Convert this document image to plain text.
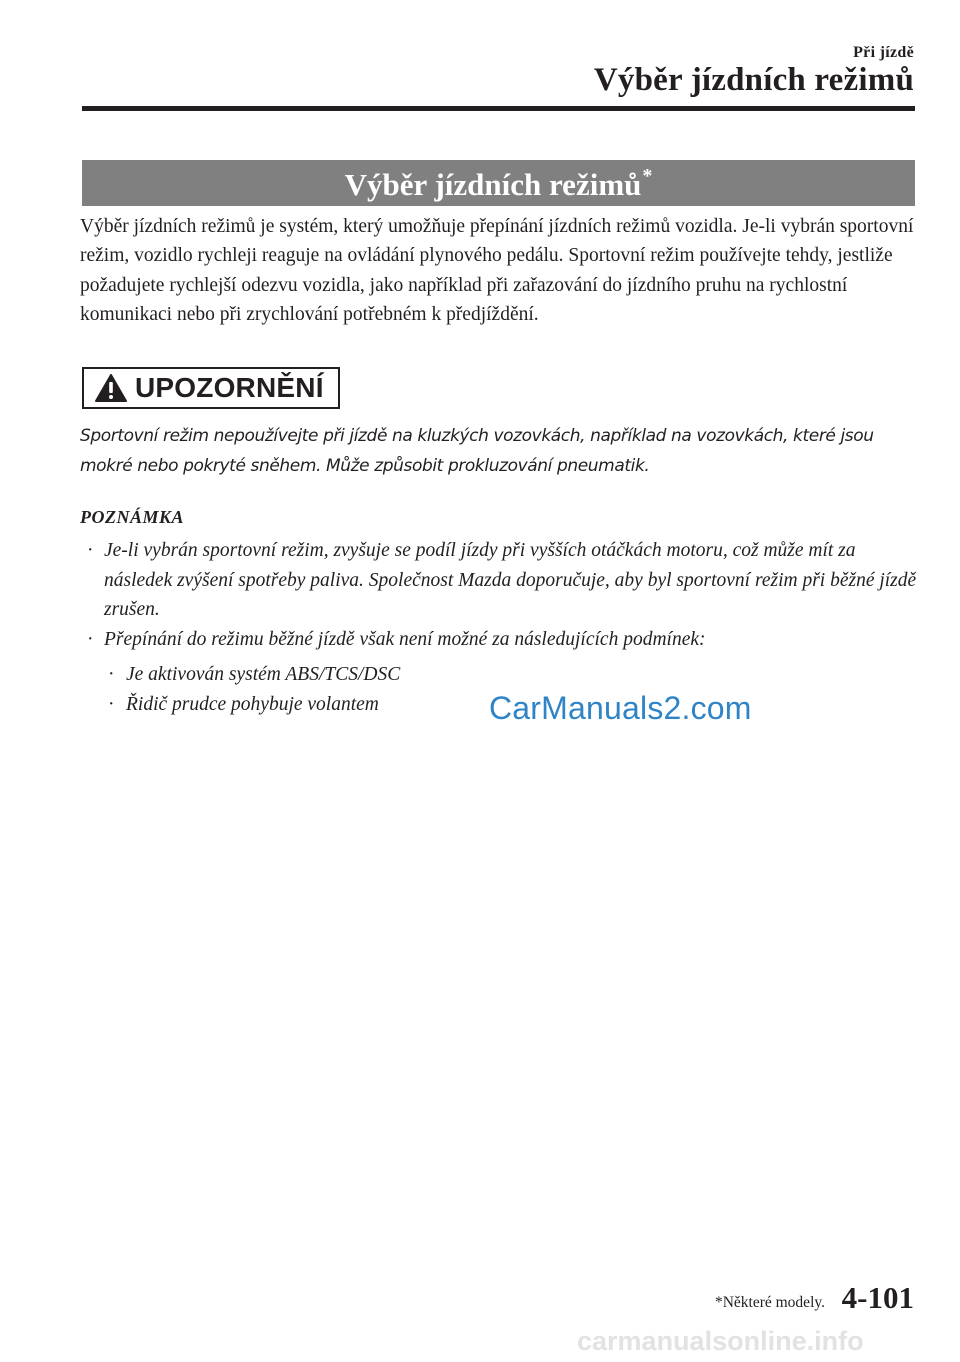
Při jízdě
Výběr jízdních režimů
Výběr jízdních režimů*

Výběr jízdních režimů je systém, který umožňuje přepínání jízdních režimů vozidla. Je-li vybrán sportovní režim, vozidlo rychleji reaguje na ovládání plynového pedálu. Sportovní režim používejte tehdy, jestliže požadujete rychlejší odezvu vozidla, jako například při zařazování do jízdního pruhu na rychlostní komunikaci nebo při zrychlování potřebném k předjíždění.

UPOZORNĚNÍ

Sportovní režim nepoužívejte při jízdě na kluzkých vozovkách, například na vozovkách, které jsou mokré nebo pokryté sněhem. Může způsobit prokluzování pneumatik.

POZNÁMKA
· Je-li vybrán sportovní režim, zvyšuje se podíl jízdy při vyšších otáčkách motoru, což může mít za následek zvýšení spotřeby paliva. Společnost Mazda doporučuje, aby byl sportovní režim při běžné jízdě zrušen.
· Přepínání do režimu běžné jízdě však není možné za následujících podmínek:
· Je aktivován systém ABS/TCS/DSC
· Řidič prudce pohybuje volantem	CarManuals2.com
*Některé modely. 4-101
carmanualsonline.info
